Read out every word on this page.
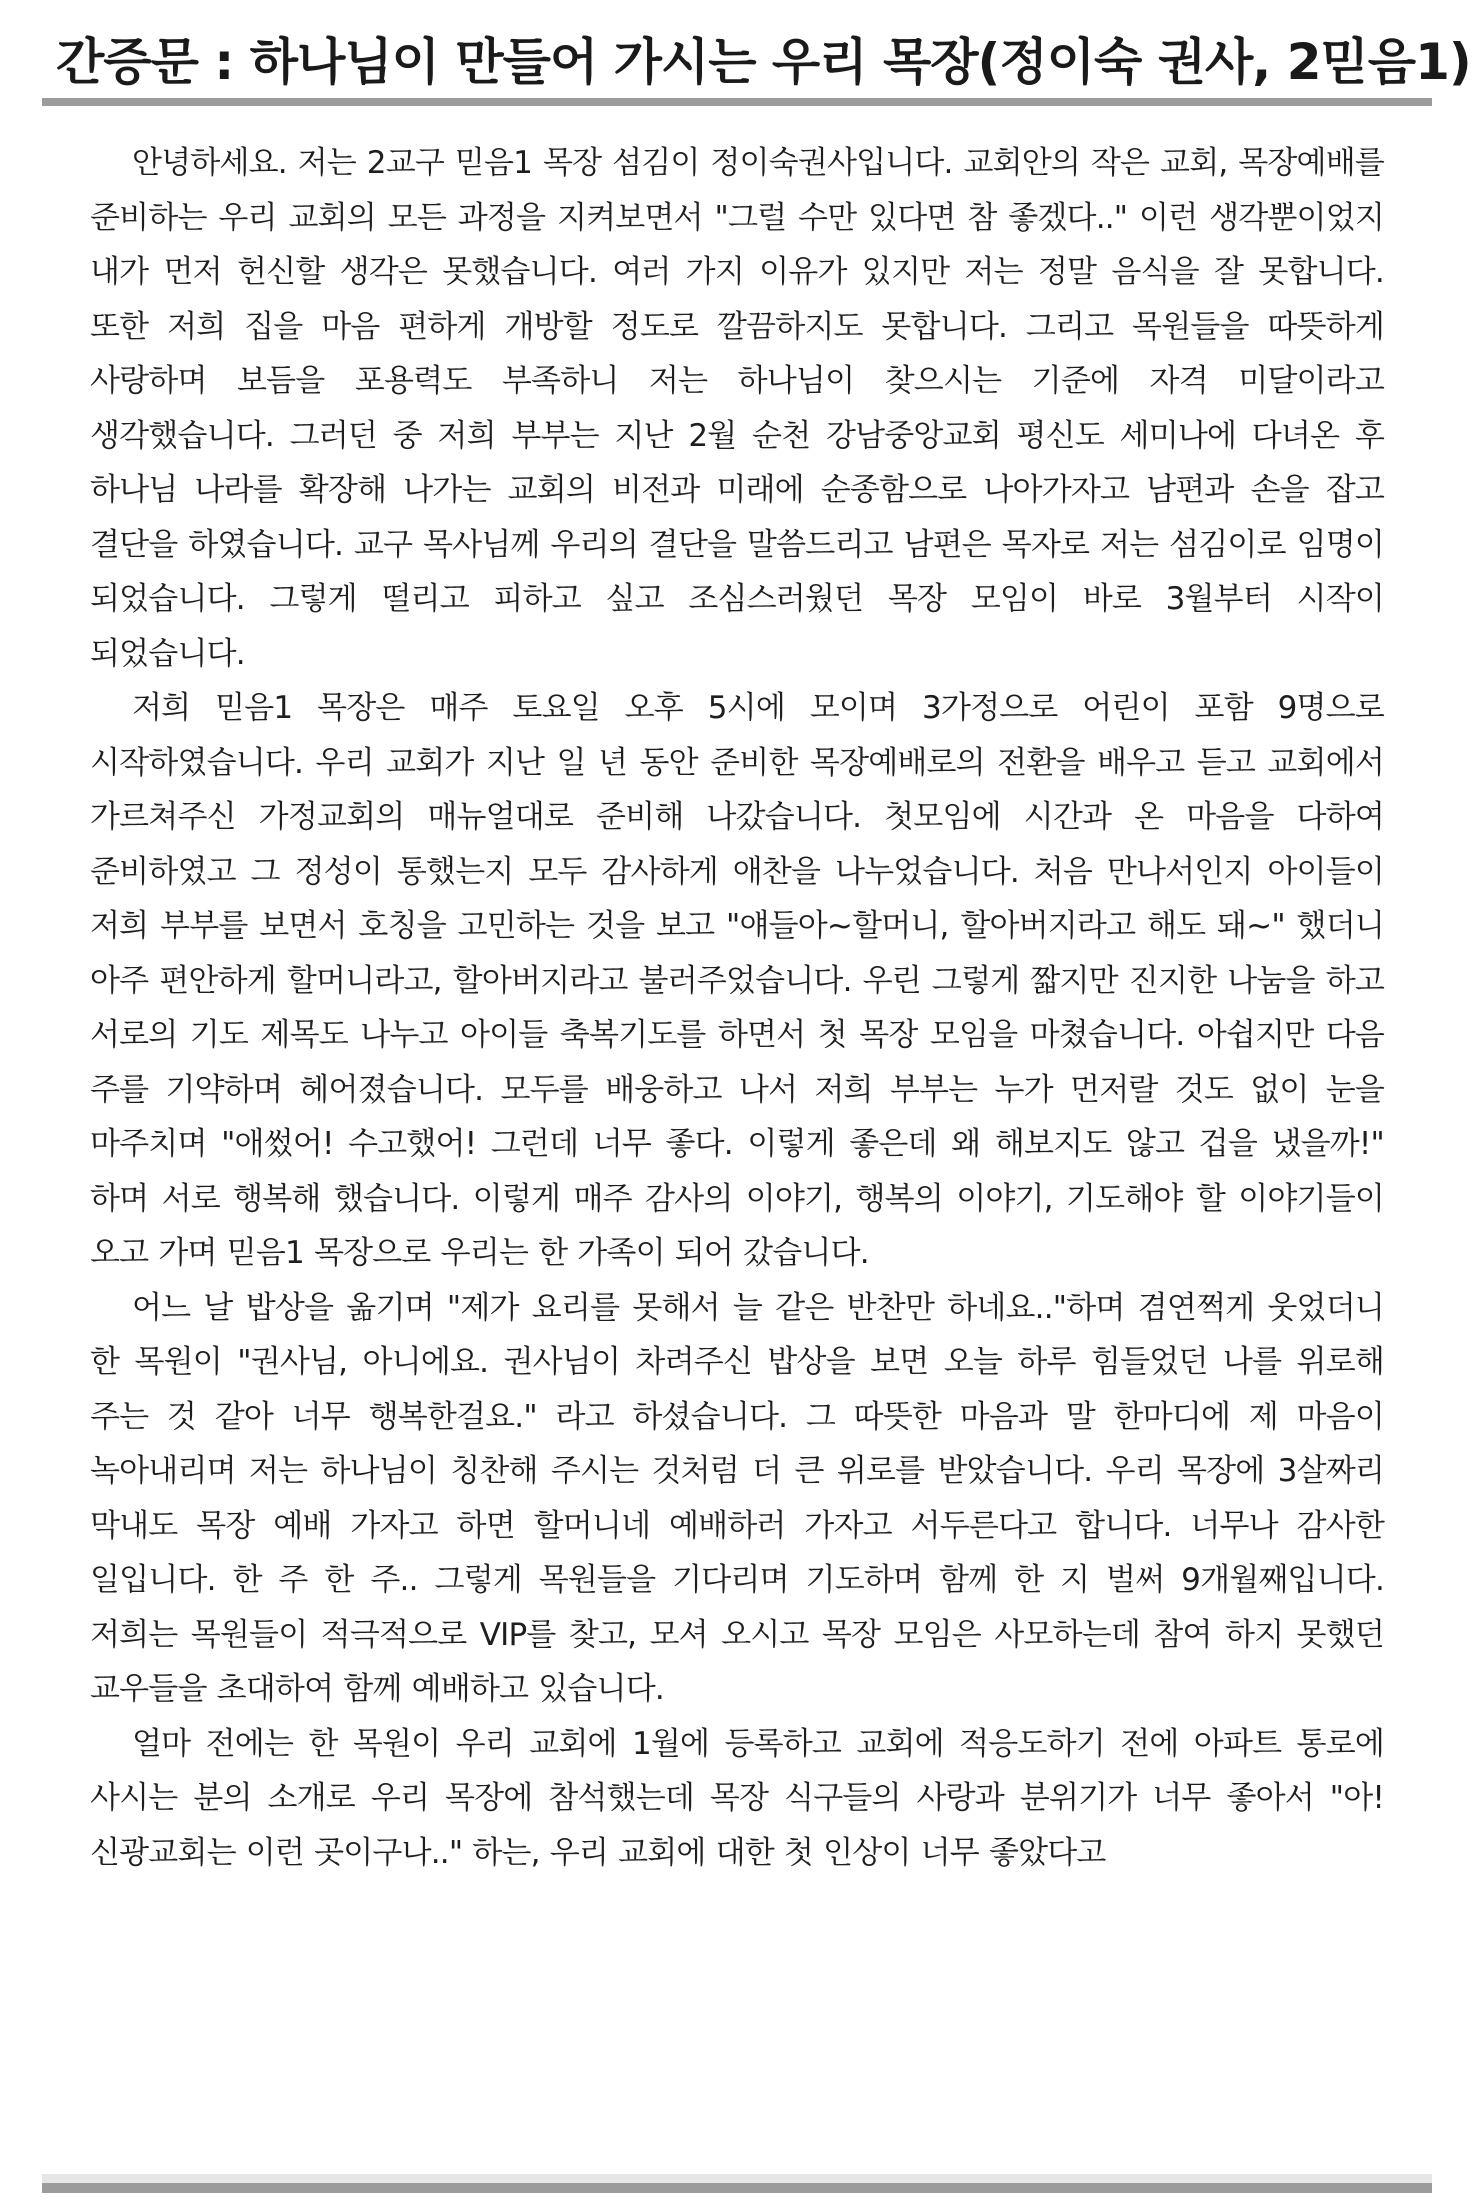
간증문 : 하나님이 만들어 가시는 우리 목장(정이숙 권사, 2믿음1)

안녕하세요. 저는 2교구 믿음1 목장 섬김이 정이숙권사입니다. 교회안의 작은 교회, 목장예배를 준비하는 우리 교회의 모든 과정을 지켜보면서 "그럴 수만 있다면 참 좋겠다.." 이런 생각뿐이었지 내가 먼저 헌신할 생각은 못했습니다. 여러 가지 이유가 있지만 저는 정말 음식을 잘 못합니다. 또한 저희 집을 마음 편하게 개방할 정도로 깔끔하지도 못합니다. 그리고 목원들을 따뜻하게 사랑하며 보듬을 포용력도 부족하니 저는 하나님이 찾으시는 기준에 자격 미달이라고 생각했습니다. 그러던 중 저희 부부는 지난 2월 순천 강남중앙교회 평신도 세미나에 다녀온 후 하나님 나라를 확장해 나가는 교회의 비전과 미래에 순종함으로 나아가자고 남편과 손을 잡고 결단을 하였습니다. 교구 목사님께 우리의 결단을 말씀드리고 남편은 목자로 저는 섬김이로 임명이 되었습니다. 그렇게 떨리고 피하고 싶고 조심스러웠던 목장 모임이 바로 3월부터 시작이 되었습니다.

저희 믿음1 목장은 매주 토요일 오후 5시에 모이며 3가정으로 어린이 포함 9명으로 시작하였습니다. 우리 교회가 지난 일 년 동안 준비한 목장예배로의 전환을 배우고 듣고 교회에서 가르쳐주신 가정교회의 매뉴얼대로 준비해 나갔습니다. 첫모임에 시간과 온 마음을 다하여 준비하였고 그 정성이 통했는지 모두 감사하게 애찬을 나누었습니다. 처음 만나서인지 아이들이 저희 부부를 보면서 호칭을 고민하는 것을 보고 "얘들아~할머니, 할아버지라고 해도 돼~" 했더니 아주 편안하게 할머니라고, 할아버지라고 불러주었습니다. 우린 그렇게 짧지만 진지한 나눔을 하고 서로의 기도 제목도 나누고 아이들 축복기도를 하면서 첫 목장 모임을 마쳤습니다. 아쉽지만 다음 주를 기약하며 헤어졌습니다. 모두를 배웅하고 나서 저희 부부는 누가 먼저랄 것도 없이 눈을 마주치며 "애썼어! 수고했어! 그런데 너무 좋다. 이렇게 좋은데 왜 해보지도 않고 겁을 냈을까!" 하며 서로 행복해 했습니다. 이렇게 매주 감사의 이야기, 행복의 이야기, 기도해야 할 이야기들이 오고 가며 믿음1 목장으로 우리는 한 가족이 되어 갔습니다.

어느 날 밥상을 옮기며 "제가 요리를 못해서 늘 같은 반찬만 하네요.."하며 겸연쩍게 웃었더니 한 목원이 "권사님, 아니에요. 권사님이 차려주신 밥상을 보면 오늘 하루 힘들었던 나를 위로해 주는 것 같아 너무 행복한걸요." 라고 하셨습니다. 그 따뜻한 마음과 말 한마디에 제 마음이 녹아내리며 저는 하나님이 칭찬해 주시는 것처럼 더 큰 위로를 받았습니다. 우리 목장에 3살짜리 막내도 목장 예배 가자고 하면 할머니네 예배하러 가자고 서두른다고 합니다. 너무나 감사한 일입니다. 한 주 한 주.. 그렇게 목원들을 기다리며 기도하며 함께 한 지 벌써 9개월째입니다. 저희는 목원들이 적극적으로 VIP를 찾고, 모셔 오시고 목장 모임은 사모하는데 참여 하지 못했던 교우들을 초대하여 함께 예배하고 있습니다.

얼마 전에는 한 목원이 우리 교회에 1월에 등록하고 교회에 적응도하기 전에 아파트 통로에 사시는 분의 소개로 우리 목장에 참석했는데 목장 식구들의 사랑과 분위기가 너무 좋아서 "아! 신광교회는 이런 곳이구나.." 하는, 우리 교회에 대한 첫 인상이 너무 좋았다고
